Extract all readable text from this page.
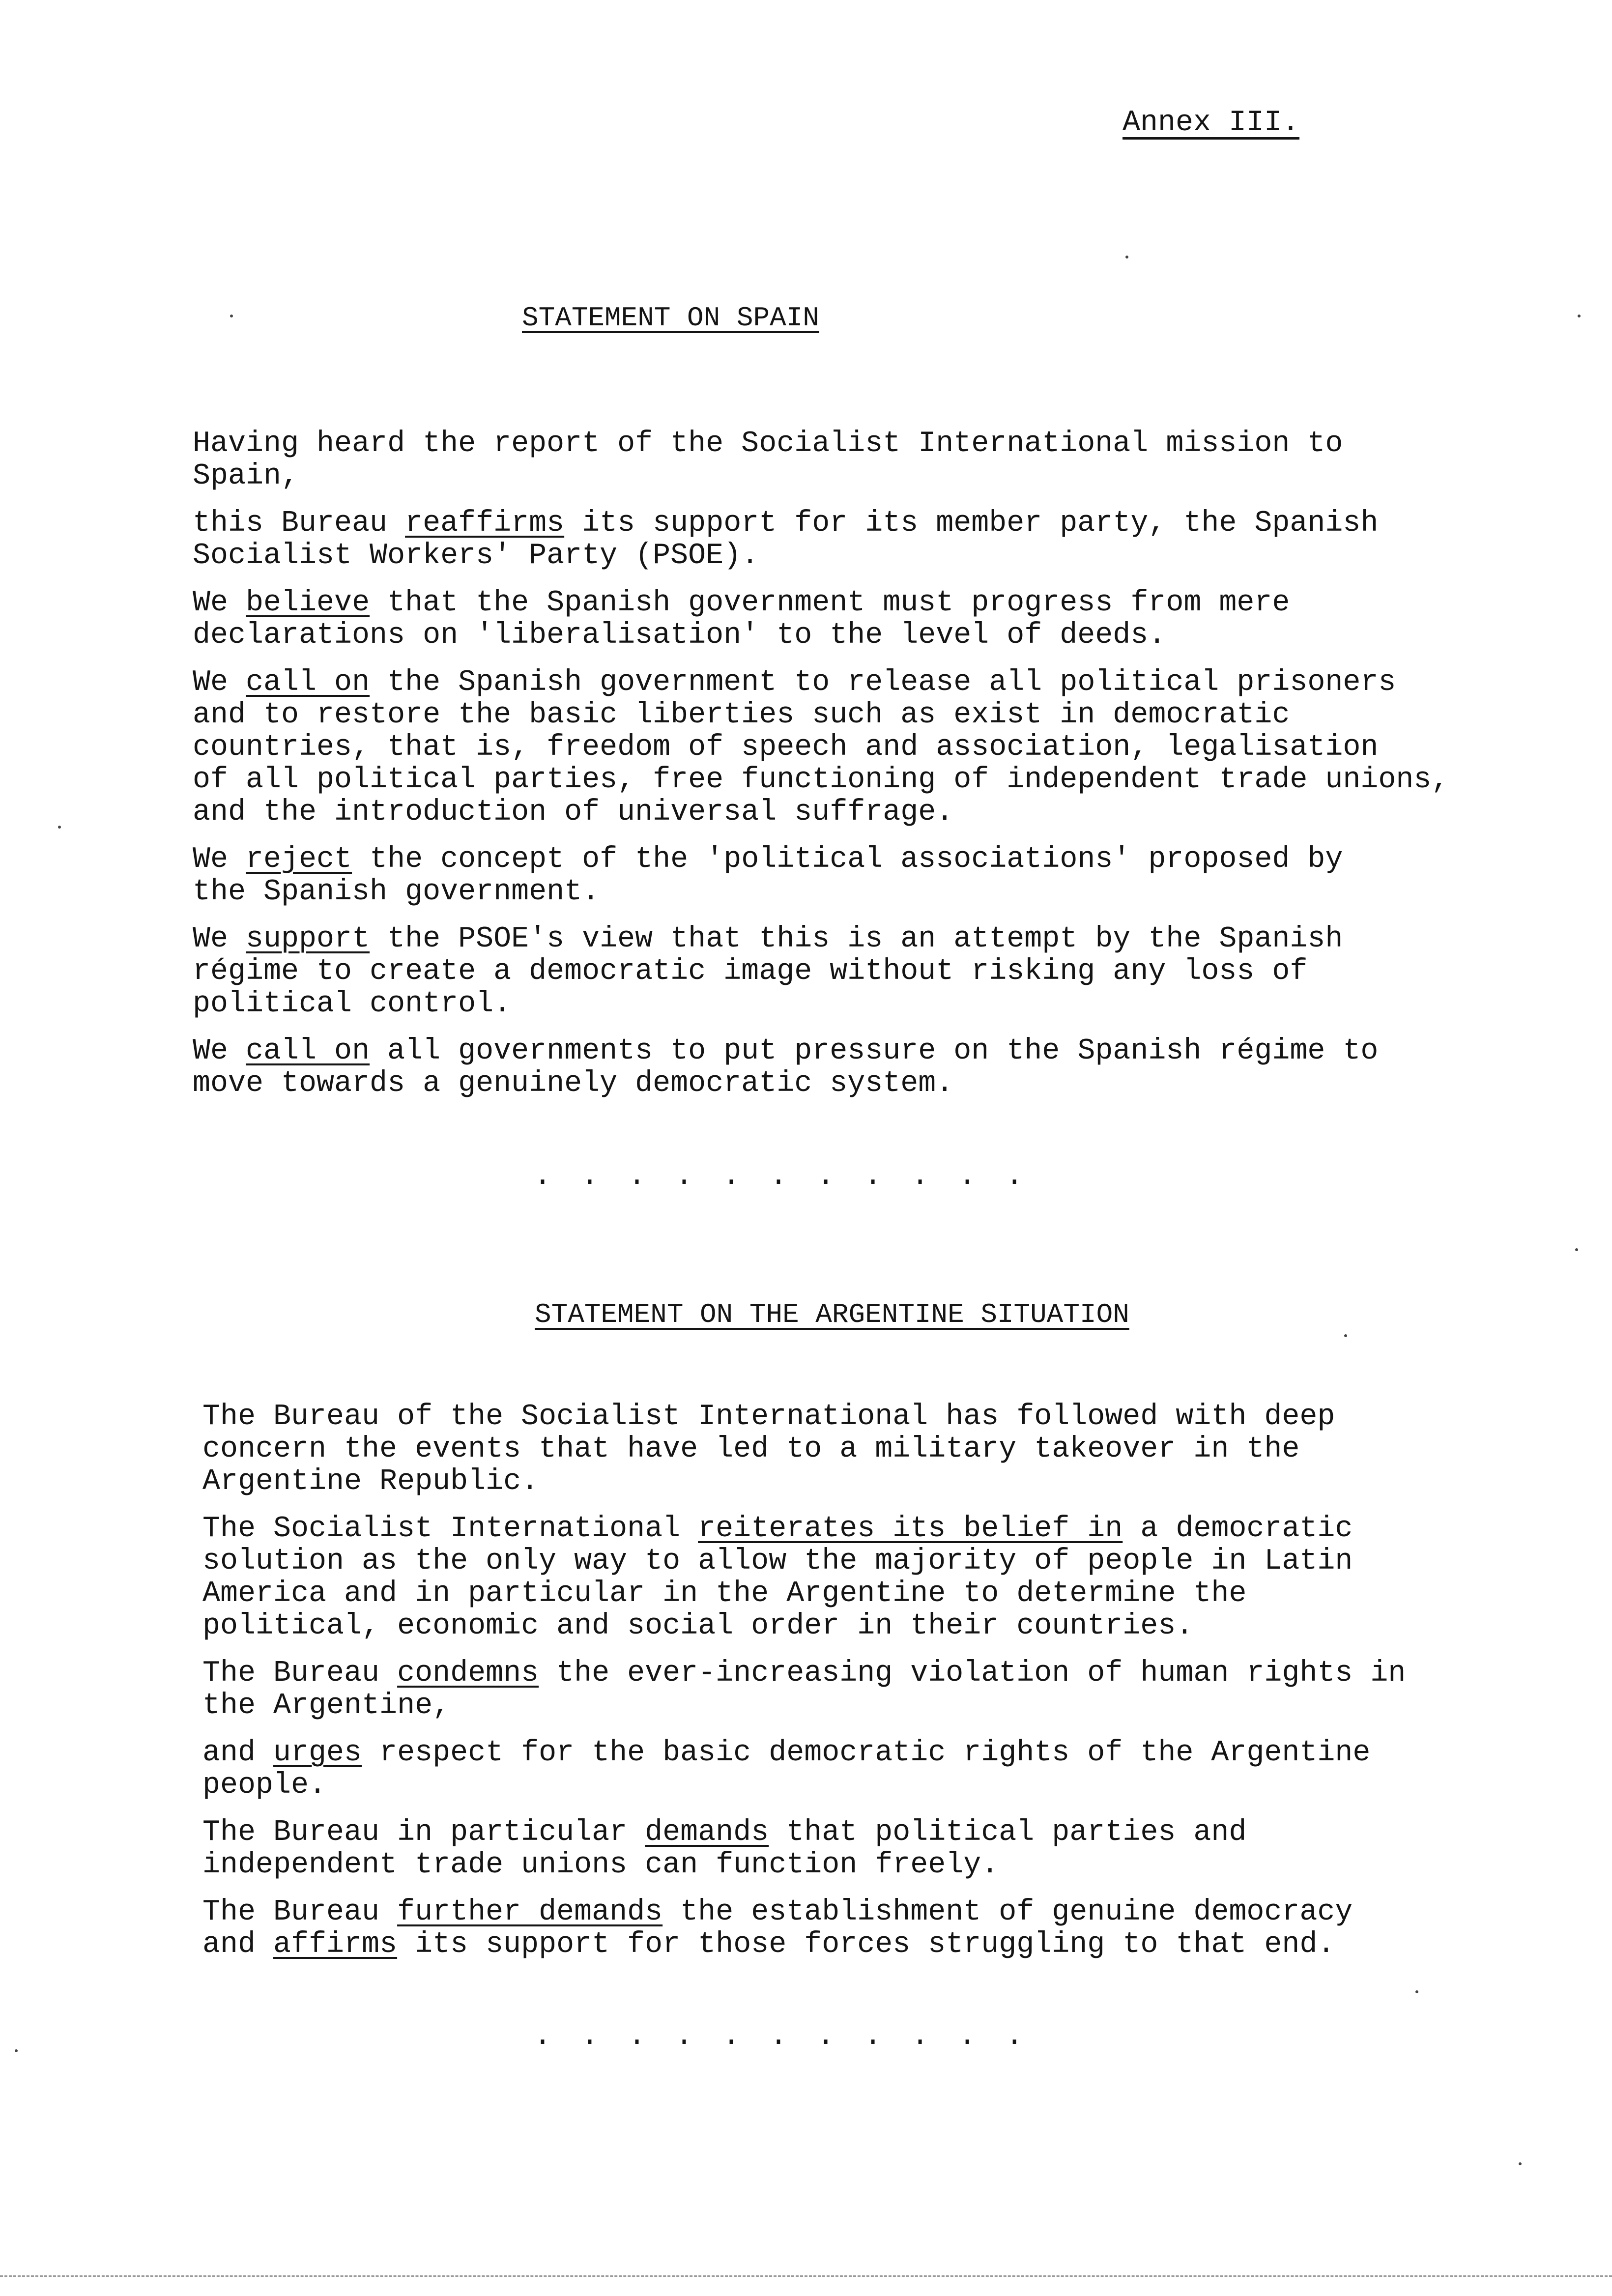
Annex III.
STATEMENT ON SPAIN

Having heard the report of the Socialist International mission to
Spain,

this Bureau reaffirms its support for its member party, the Spanish
Socialist Workers' Party (PSOE).

We believe that the Spanish government must progress from mere
declarations on 'liberalisation' to the level of deeds.

We call on the Spanish government to release all political prisoners
and to restore the basic liberties such as exist in democratic
countries, that is, freedom of speech and association, legalisation
of all political parties, free functioning of independent trade unions,
and the introduction of universal suffrage.

We reject the concept of the 'political associations' proposed by
the Spanish government.

We support the PSOE's view that this is an attempt by the Spanish
régime to create a democratic image without risking any loss of
political control.

We call on all governments to put pressure on the Spanish régime to
move towards a genuinely democratic system.

. . . . . . . . . . .
STATEMENT ON THE ARGENTINE SITUATION

The Bureau of the Socialist International has followed with deep
concern the events that have led to a military takeover in the
Argentine Republic.

The Socialist International reiterates its belief in a democratic
solution as the only way to allow the majority of people in Latin
America and in particular in the Argentine to determine the
political, economic and social order in their countries.

The Bureau condemns the ever-increasing violation of human rights in
the Argentine,

and urges respect for the basic democratic rights of the Argentine
people.

The Bureau in particular demands that political parties and
independent trade unions can function freely.

The Bureau further demands the establishment of genuine democracy
and affirms its support for those forces struggling to that end.

. . . . . . . . . . .
